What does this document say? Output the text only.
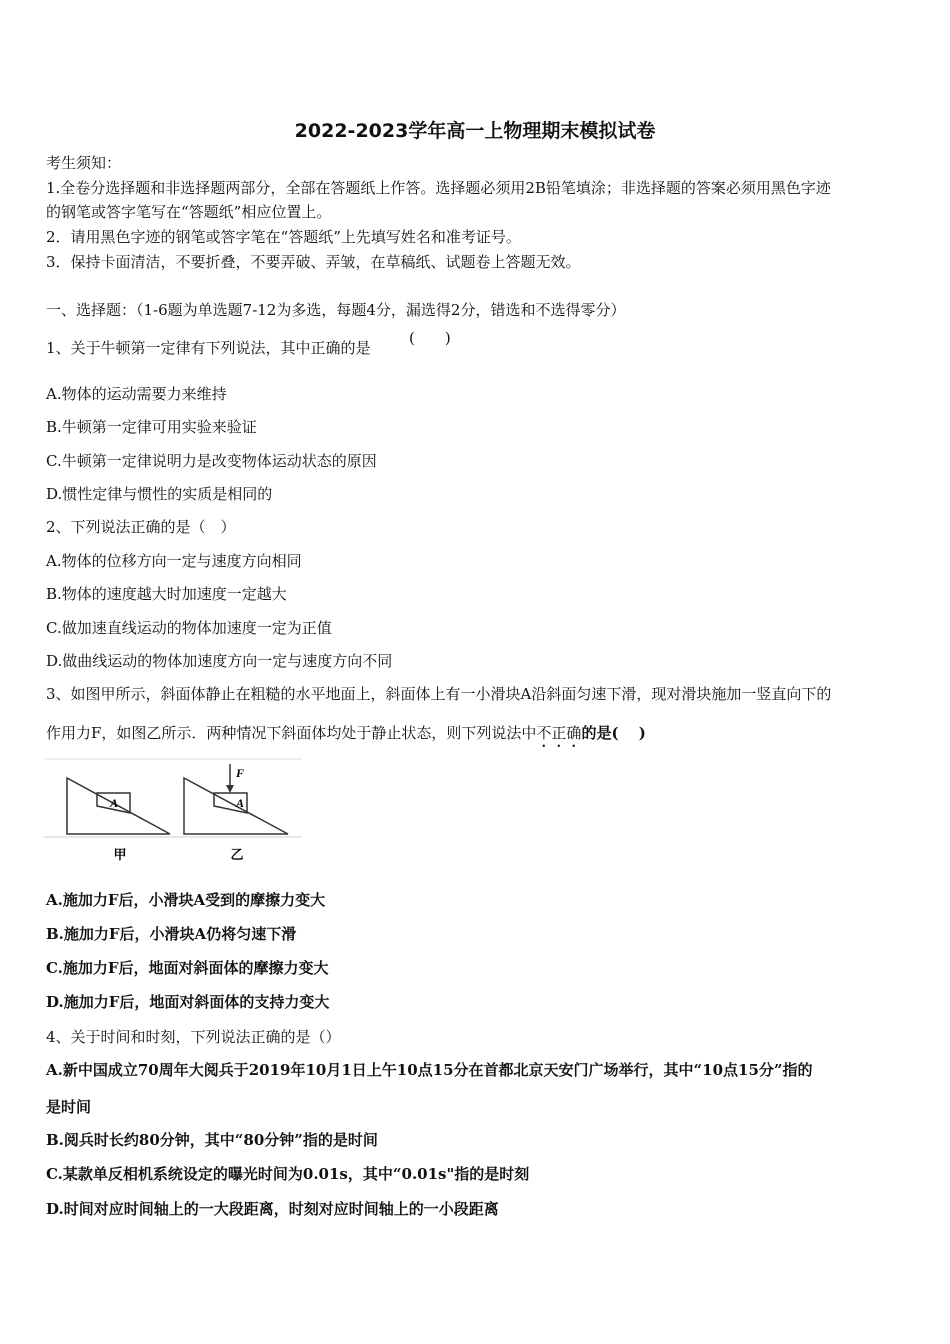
2022-2023学年高一上物理期末模拟试卷
考生须知：
1.全卷分选择题和非选择题两部分，全部在答题纸上作答。选择题必须用2B铅笔填涂；非选择题的答案必须用黑色字迹
的钢笔或答字笔写在“答题纸”相应位置上。
2．请用黑色字迹的钢笔或答字笔在“答题纸”上先填写姓名和准考证号。
3．保持卡面清洁，不要折叠，不要弄破、弄皱，在草稿纸、试题卷上答题无效。
一、选择题：（1-6题为单选题7-12为多选，每题4分，漏选得2分，错选和不选得零分）
1、关于牛顿第一定律有下列说法，其中正确的是
(　　)
A.物体的运动需要力来维持
B.牛顿第一定律可用实验来验证
C.牛顿第一定律说明力是改变物体运动状态的原因
D.惯性定律与惯性的实质是相同的
2、下列说法正确的是（　）
A.物体的位移方向一定与速度方向相同
B.物体的速度越大时加速度一定越大
C.做加速直线运动的物体加速度一定为正值
D.做曲线运动的物体加速度方向一定与速度方向不同
3、如图甲所示，斜面体静止在粗糙的水平地面上，斜面体上有一小滑块A沿斜面匀速下滑，现对滑块施加一竖直向下的
作用力F，如图乙所示．两种情况下斜面体均处于静止状态，则下列说法中不正确的是(　 )
A	A
F
甲	乙
A.施加力F后，小滑块A受到的摩擦力变大
B.施加力F后，小滑块A仍将匀速下滑
C.施加力F后，地面对斜面体的摩擦力变大
D.施加力F后，地面对斜面体的支持力变大
4、关于时间和时刻，下列说法正确的是（）
A.新中国成立70周年大阅兵于2019年10月1日上午10点15分在首都北京天安门广场举行，其中“10点15分”指的
是时间
B.阅兵时长约80分钟，其中“80分钟”指的是时间
C.某款单反相机系统设定的曝光时间为0.01s，其中“0.01s"指的是时刻
D.时间对应时间轴上的一大段距离，时刻对应时间轴上的一小段距离
